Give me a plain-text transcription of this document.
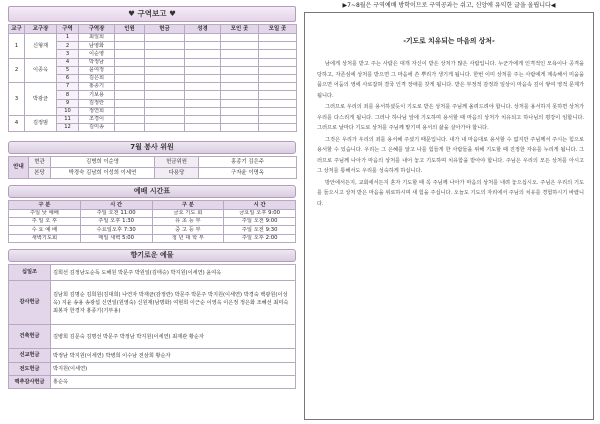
♥ 구역보고 ♥
교구	교구장	구역	구역장	인원	헌금	성경	모인 곳	모일 곳
1	신형재	1	최일희					
		2	남영화					
		3	이순영					
2	이종옥	4	박정남					
		5	윤여정					
		6	김은희					
3	박광균	7	홍종기					
		8	기보용					
		9	김정란					
		10	정연희					
4	김정범	11	조경이					
		12	김미송					
7월 봉사 위원
안내	현관	김병희 이순영	헌금위원	홍종기 김은주
	본당	박경숙 김남희 이성희 이세연	다용당	구자윤 이명옥
예배 시간표
구 분	시 간	구 분	시 간
주일 낮 예배	주일 오전 11:00	금요 기도 회	금요일 오후 9:00
주 일 오 후	주일 오후 1:30	유 초 등 부	주일 오전 9:00
수 요 예 배	수요일오후 7:30	중 고 등 부	주일 오전 9:30
새벽기도회	매일 새벽 5:00	청 년 대 학 부	주일 오후 2:00
향기로운 예물
십일조	김희선 김정남도순독 도해원 박문주 박원일(김태승) 박지원(이세연) 윤여옥
감사헌금	김남희 김명순 김희원(김대희) 나연자 박재균(감정란) 박문주 박문주 박지원(이세연) 박경숙 백광원(이성옥) 지윤 송용 송광섭 신연일(원영숙) 신원재(남명화) 여현희 이근순 이영옥 이은정 정은화 조혜선 최미숙 최봉자 한경자 홍종기(기부용)
건축헌금	김병희 김문숙 김명선 박문주 박정남 박지원(이세연) 최재관 황순자
선교헌금	박정남 박지원(이세연) 박병희 이수남 전삼희 황순자
전도헌금	박지원(이세연)
맥추감사헌금	홍순옥
▶7~8월은 구역예배 방학이므로 구역공과는 쉬고, 신앙에 유익한 글을 올립니다◀
-기도로 치유되는 마음의 상처-

남에게 상처를 받고 주는 사람은 대개 자신이 받은 상처가 많은 사람입니다. 누군가에게 인격적인 모욕이나 공격을 당하고, 자존심에 상처를 받으면 그 마음에 쓴 뿌리가 생기게 됩니다. 한번 이미 상처를 주는 사람에게 계속해서 미움을 품으면 어둠의 영에 사로잡혀 결국 인격 장애를 갖게 됩니다. 받은 부정적 감정과 일상이 마음속 깊이 쌓여 영적 문제가 됩니다.

그러므로 우리의 죄를 용서하셨듯이 기도로 받은 상처를 주님께 올려드려야 합니다. 상처를 용서하지 못하면 상처가 우리를 다스리게 됩니다. 그러나 하나님 앞에 기도하며 용서할 때 마음의 상처가 치유되고 하나님의 평강이 임합니다. 그러므로 날마다 기도로 상처를 주님께 맡기며 용서의 삶을 살아가야 합니다.

그것은 우리가 우리의 죄를 용서해 주셨기 때문입니다. 내가 내 마음대로 용서할 수 없지만 주님께서 주시는 힘으로 용서할 수 있습니다. 우리는 그 은혜를 알고 나를 힘들게 한 사람들을 위해 기도할 때 진정한 자유를 누리게 됩니다. 그러므로 주님께 나아가 마음의 상처를 내어 놓고 기도하며 치유함을 받아야 합니다. 주님은 우리의 모든 상처를 아시고 그 상처를 통해서도 우리를 성숙하게 하십니다.

방안에서든지, 교회에서든지 혼자 기도할 때 꼭 주님께 나아가 마음의 상처를 내려 놓으십시오. 주님은 우리의 기도를 들으시고 상처 받은 마음을 위로하시며 새 힘을 주십니다. 오늘도 기도의 자리에서 주님의 치유를 경험하시기 바랍니다.
